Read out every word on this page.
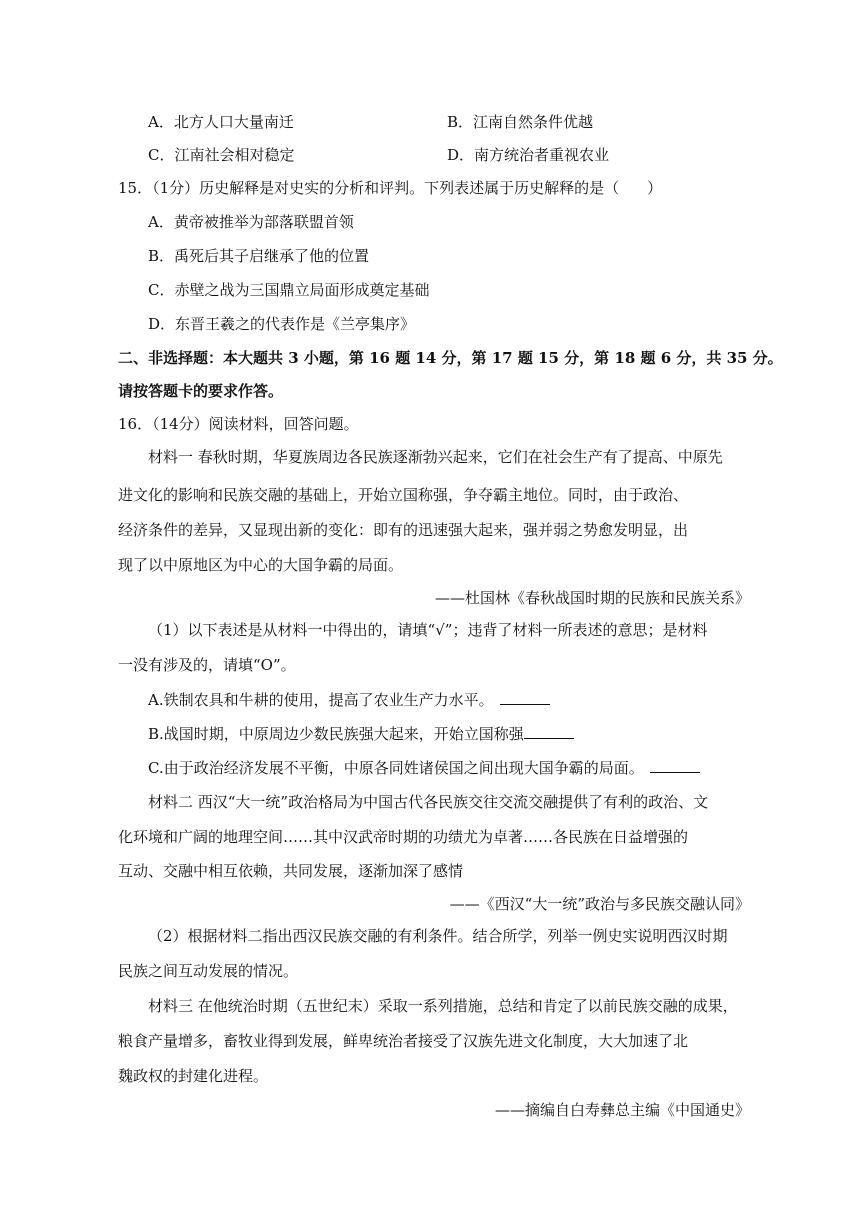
A．北方人口大量南迁	B．江南自然条件优越
C．江南社会相对稳定	D．南方统治者重视农业
15．（1分）历史解释是对史实的分析和评判。下列表述属于历史解释的是（ ）
A．黄帝被推举为部落联盟首领
B．禹死后其子启继承了他的位置
C．赤壁之战为三国鼎立局面形成奠定基础
D．东晋王羲之的代表作是《兰亭集序》
二、非选择题：本大题共 3 小题，第 16 题 14 分，第 17 题 15 分，第 18 题 6 分，共 35 分。
请按答题卡的要求作答。
16．（14分）阅读材料，回答问题。
材料一 春秋时期，华夏族周边各民族逐渐勃兴起来，它们在社会生产有了提高、中原先
进文化的影响和民族交融的基础上，开始立国称强，争夺霸主地位。同时，由于政治、
经济条件的差异，又显现出新的变化：即有的迅速强大起来，强并弱之势愈发明显，出
现了以中原地区为中心的大国争霸的局面。
——杜国林《春秋战国时期的民族和民族关系》
（1）以下表述是从材料一中得出的，请填“√”；违背了材料一所表述的意思；是材料
一没有涉及的，请填“O”。
A.铁制农具和牛耕的使用，提高了农业生产力水平。
B.战国时期，中原周边少数民族强大起来，开始立国称强
C.由于政治经济发展不平衡，中原各同姓诸侯国之间出现大国争霸的局面。
材料二 西汉“大一统”政治格局为中国古代各民族交往交流交融提供了有利的政治、文
化环境和广阔的地理空间……其中汉武帝时期的功绩尤为卓著……各民族在日益增强的
互动、交融中相互依赖，共同发展，逐渐加深了感情
——《西汉“大一统”政治与多民族交融认同》
（2）根据材料二指出西汉民族交融的有利条件。结合所学，列举一例史实说明西汉时期
民族之间互动发展的情况。
材料三 在他统治时期（五世纪末）采取一系列措施，总结和肯定了以前民族交融的成果，
粮食产量增多，畜牧业得到发展，鲜卑统治者接受了汉族先进文化制度，大大加速了北
魏政权的封建化进程。
——摘编自白寿彝总主编《中国通史》
